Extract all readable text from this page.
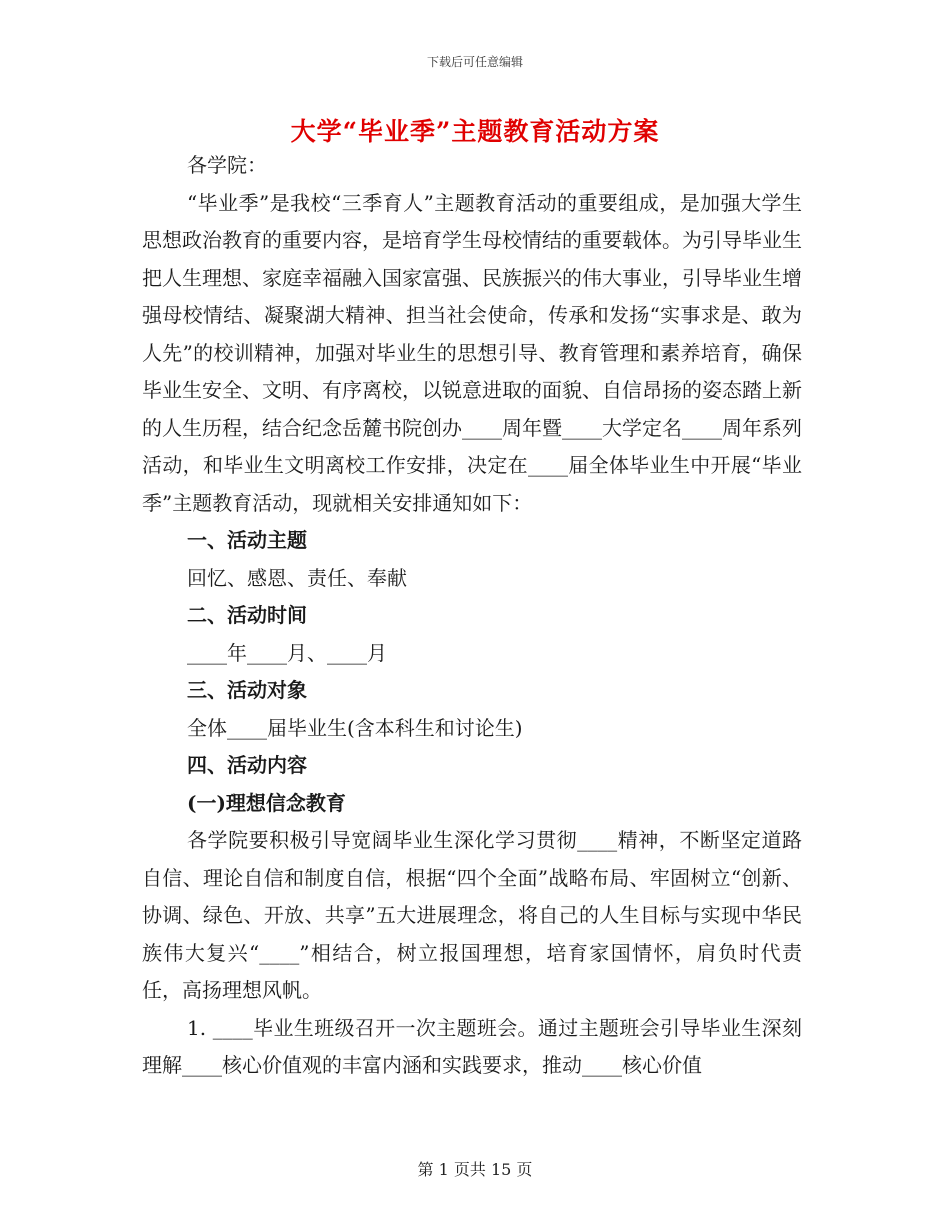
下载后可任意编辑
大学“毕业季”主题教育活动方案

各学院：

“毕业季”是我校“三季育人”主题教育活动的重要组成，是加强大学生思想政治教育的重要内容，是培育学生母校情结的重要载体。为引导毕业生把人生理想、家庭幸福融入国家富强、民族振兴的伟大事业，引导毕业生增强母校情结、凝聚湖大精神、担当社会使命，传承和发扬“实事求是、敢为人先”的校训精神，加强对毕业生的思想引导、教育管理和素养培育，确保毕业生安全、文明、有序离校，以锐意进取的面貌、自信昂扬的姿态踏上新的人生历程，结合纪念岳麓书院创办____周年暨____大学定名____周年系列活动，和毕业生文明离校工作安排，决定在____届全体毕业生中开展“毕业季”主题教育活动，现就相关安排通知如下：

一、活动主题

回忆、感恩、责任、奉献

二、活动时间

____年____月、____月

三、活动对象

全体____届毕业生(含本科生和讨论生)

四、活动内容

(一)理想信念教育

各学院要积极引导宽阔毕业生深化学习贯彻____精神，不断坚定道路自信、理论自信和制度自信，根据“四个全面”战略布局、牢固树立“创新、协调、绿色、开放、共享”五大进展理念，将自己的人生目标与实现中华民族伟大复兴“____”相结合，树立报国理想，培育家国情怀，肩负时代责任，高扬理想风帆。

1. ____毕业生班级召开一次主题班会。通过主题班会引导毕业生深刻理解____核心价值观的丰富内涵和实践要求，推动____核心价值

第 1 页共 15 页
